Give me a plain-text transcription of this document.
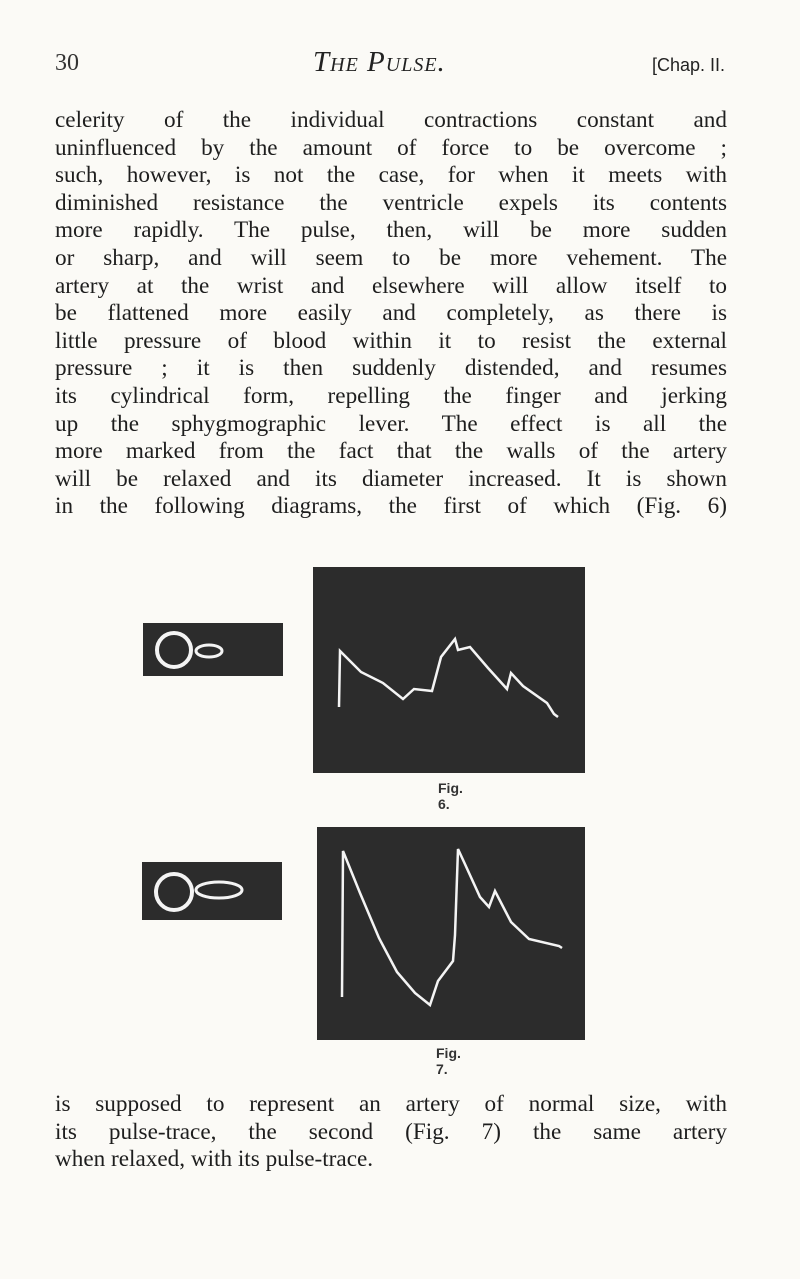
30	The Pulse.	[Chap. II.
celerity of the individual contractions constant and
uninfluenced by the amount of force to be overcome ;
such, however, is not the case, for when it meets with
diminished resistance the ventricle expels its contents
more rapidly. The pulse, then, will be more sudden
or sharp, and will seem to be more vehement. The
artery at the wrist and elsewhere will allow itself to
be flattened more easily and completely, as there is
little pressure of blood within it to resist the external
pressure ; it is then suddenly distended, and resumes
its cylindrical form, repelling the finger and jerking
up the sphygmographic lever. The effect is all the
more marked from the fact that the walls of the artery
will be relaxed and its diameter increased. It is shown
in the following diagrams, the first of which (Fig. 6)
Fig. 6.
Fig. 7.
is supposed to represent an artery of normal size, with
its pulse-trace, the second (Fig. 7) the same artery
when relaxed, with its pulse-trace.
